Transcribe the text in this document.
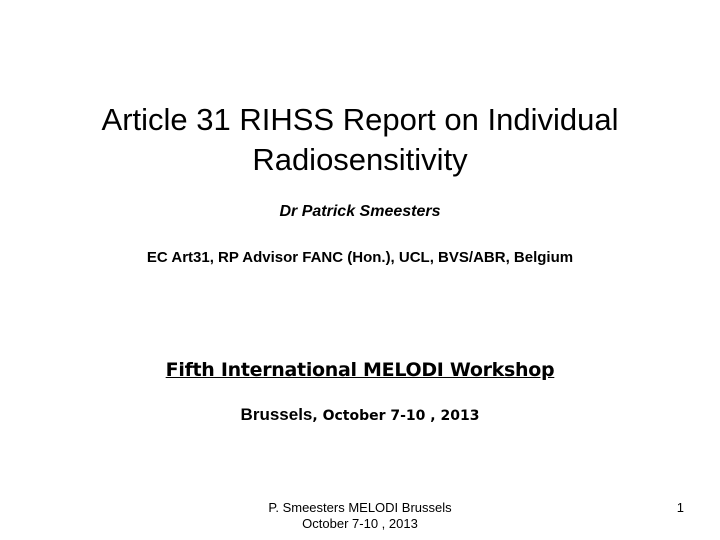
Article 31 RIHSS Report on Individual
Radiosensitivity
Dr Patrick Smeesters
EC Art31, RP Advisor FANC (Hon.), UCL, BVS/ABR, Belgium
Fifth International MELODI Workshop
Brussels, October 7-10 , 2013
P. Smeesters MELODI Brussels
October 7-10 , 2013
1
